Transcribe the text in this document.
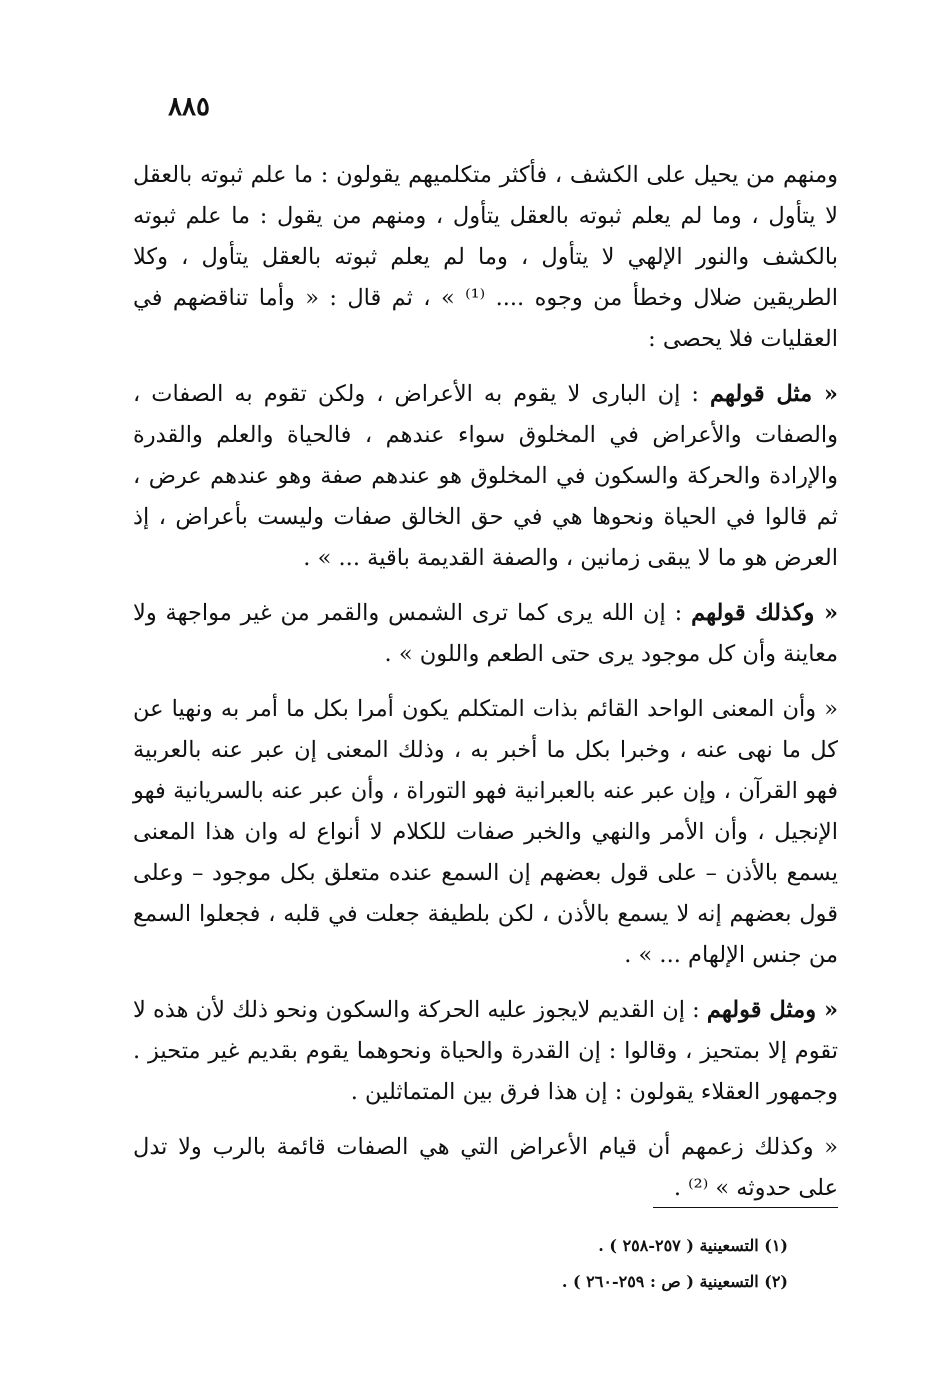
٨٨٥

ومنهم من يحيل على الكشف ، فأكثر متكلميهم يقولون : ما علم ثبوته بالعقل لا يتأول ، وما لم يعلم ثبوته بالعقل يتأول ، ومنهم من يقول : ما علم ثبوته بالكشف والنور الإلهي لا يتأول ، وما لم يعلم ثبوته بالعقل يتأول ، وكلا الطريقين ضلال وخطأ من وجوه .... ⁽¹⁾ » ، ثم قال : « وأما تناقضهم في العقليات فلا يحصى :

« مثل قولهم : إن البارى لا يقوم به الأعراض ، ولكن تقوم به الصفات ، والصفات والأعراض في المخلوق سواء عندهم ، فالحياة والعلم والقدرة والإرادة والحركة والسكون في المخلوق هو عندهم صفة وهو عندهم عرض ، ثم قالوا في الحياة ونحوها هي في حق الخالق صفات وليست بأعراض ، إذ العرض هو ما لا يبقى زمانين ، والصفة القديمة باقية ... » .

« وكذلك قولهم : إن الله يرى كما ترى الشمس والقمر من غير مواجهة ولا معاينة وأن كل موجود يرى حتى الطعم واللون » .

« وأن المعنى الواحد القائم بذات المتكلم يكون أمرا بكل ما أمر به ونهيا عن كل ما نهى عنه ، وخبرا بكل ما أخبر به ، وذلك المعنى إن عبر عنه بالعربية فهو القرآن ، وإن عبر عنه بالعبرانية فهو التوراة ، وأن عبر عنه بالسريانية فهو الإنجيل ، وأن الأمر والنهي والخبر صفات للكلام لا أنواع له وان هذا المعنى يسمع بالأذن – على قول بعضهم إن السمع عنده متعلق بكل موجود – وعلى قول بعضهم إنه لا يسمع بالأذن ، لكن بلطيفة جعلت في قلبه ، فجعلوا السمع من جنس الإلهام ... » .

« ومثل قولهم : إن القديم لايجوز عليه الحركة والسكون ونحو ذلك لأن هذه لا تقوم إلا بمتحيز ، وقالوا : إن القدرة والحياة ونحوهما يقوم بقديم غير متحيز . وجمهور العقلاء يقولون : إن هذا فرق بين المتماثلين .

« وكذلك زعمهم أن قيام الأعراض التي هي الصفات قائمة بالرب ولا تدل على حدوثه » ⁽²⁾ .

(١) التسعينية ( ٢٥٧-٢٥٨ ) .

(٢) التسعينية ( ص : ٢٥٩-٢٦٠ ) .
